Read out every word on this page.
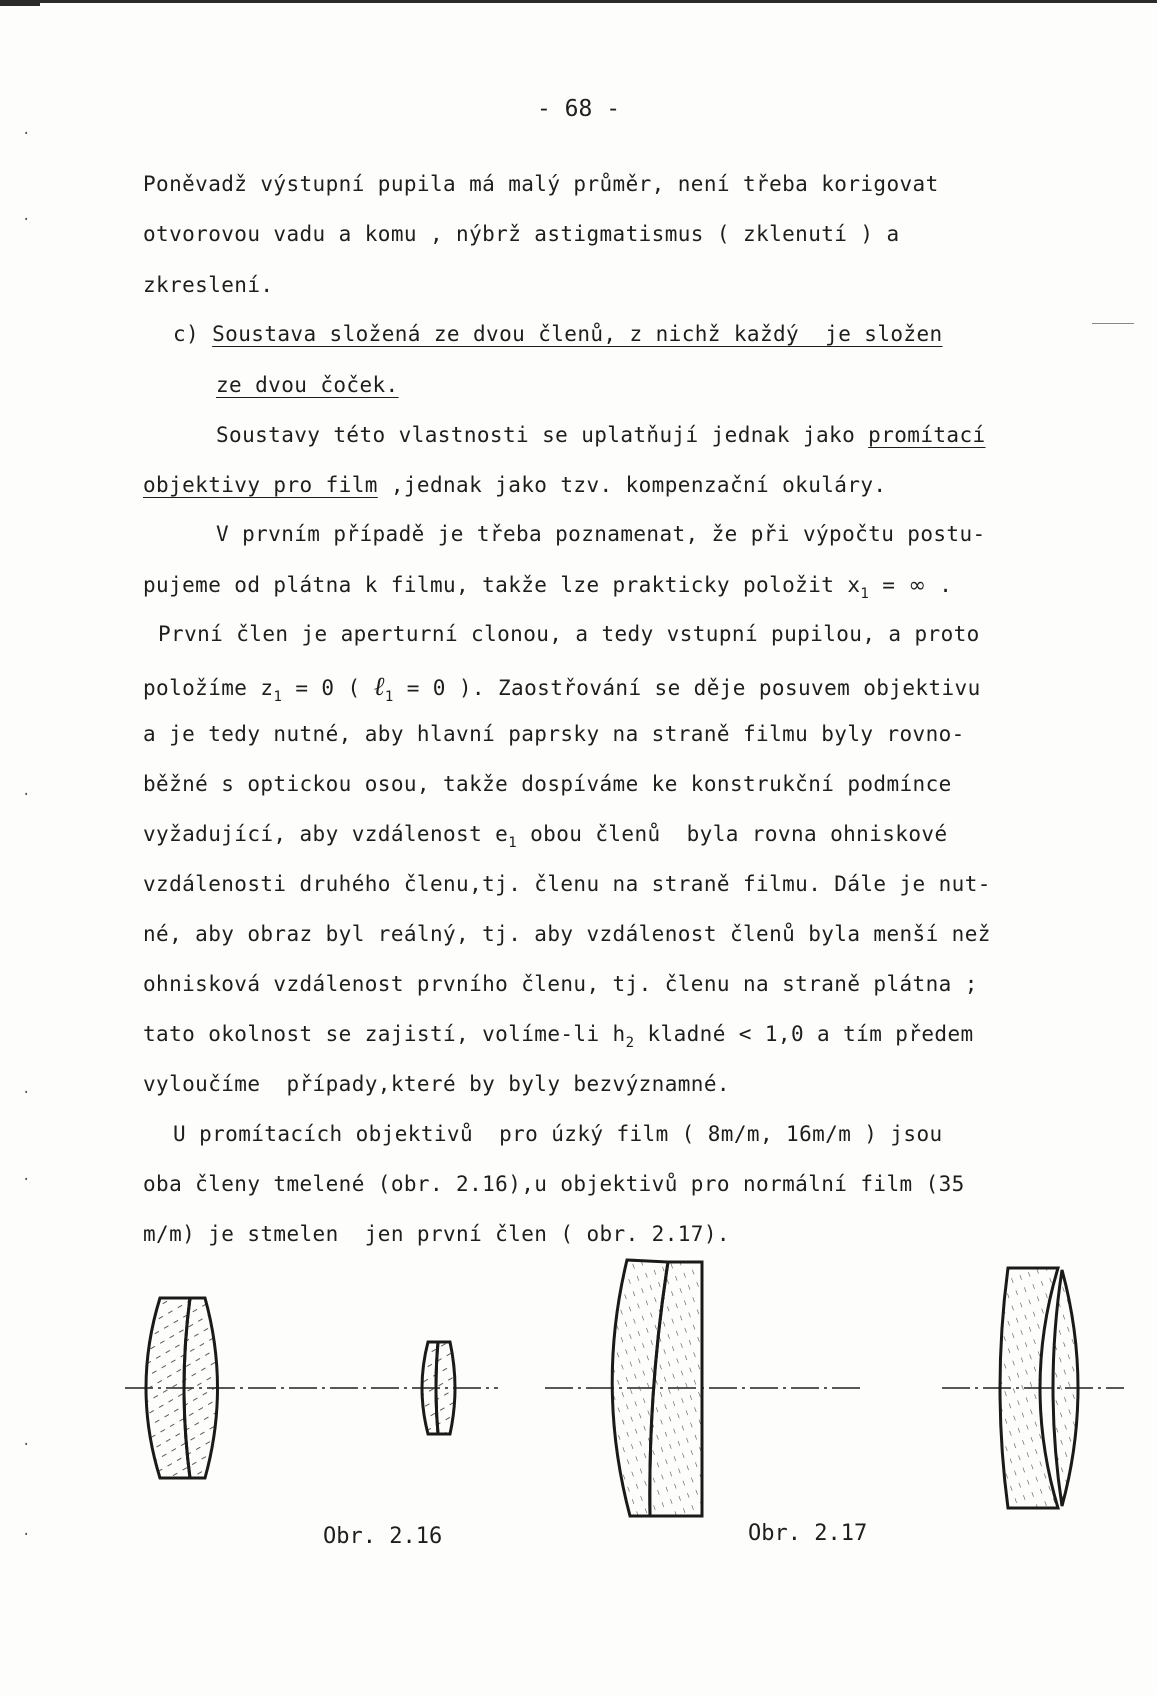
·
·
·
·
·
·
·
- 68 -
Poněvadž výstupní pupila má malý průměr, není třeba korigovat
otvorovou vadu a komu , nýbrž astigmatismus ( zklenutí ) a
zkreslení.
c) Soustava složená ze dvou členů, z nichž každý  je složen
ze dvou čoček.
Soustavy této vlastnosti se uplatňují jednak jako promítací
objektivy pro film ,jednak jako tzv. kompenzační okuláry.
V prvním případě je třeba poznamenat, že při výpočtu postu-
pujeme od plátna k filmu, takže lze prakticky položit $x_1$ = ∞ .
První člen je aperturní clonou, a tedy vstupní pupilou, a proto
položíme $z_1 = 0$ ( ℓ$_1$ = 0 ). Zaostřování se děje posuvem objektivu
a je tedy nutné, aby hlavní paprsky na straně filmu byly rovno-
běžné s optickou osou, takže dospíváme ke konstrukční podmínce
vyžadující, aby vzdálenost $e_1$ obou členů  byla rovna ohniskové
vzdálenosti druhého členu,tj. členu na straně filmu. Dále je nut-
né, aby obraz byl reálný, tj. aby vzdálenost členů byla menší než
ohnisková vzdálenost prvního členu, tj. členu na straně plátna ;
tato okolnost se zajistí, volíme-li $h_2$ kladné < 1,0 a tím předem
vyloučíme  případy,které by byly bezvýznamné.
U promítacích objektivů  pro úzký film ( 8m/m, 16m/m ) jsou
oba členy tmelené (obr. 2.16),u objektivů pro normální film (35
m/m) je stmelen  jen první člen ( obr. 2.17).
Obr. 2.16	Obr. 2.17
